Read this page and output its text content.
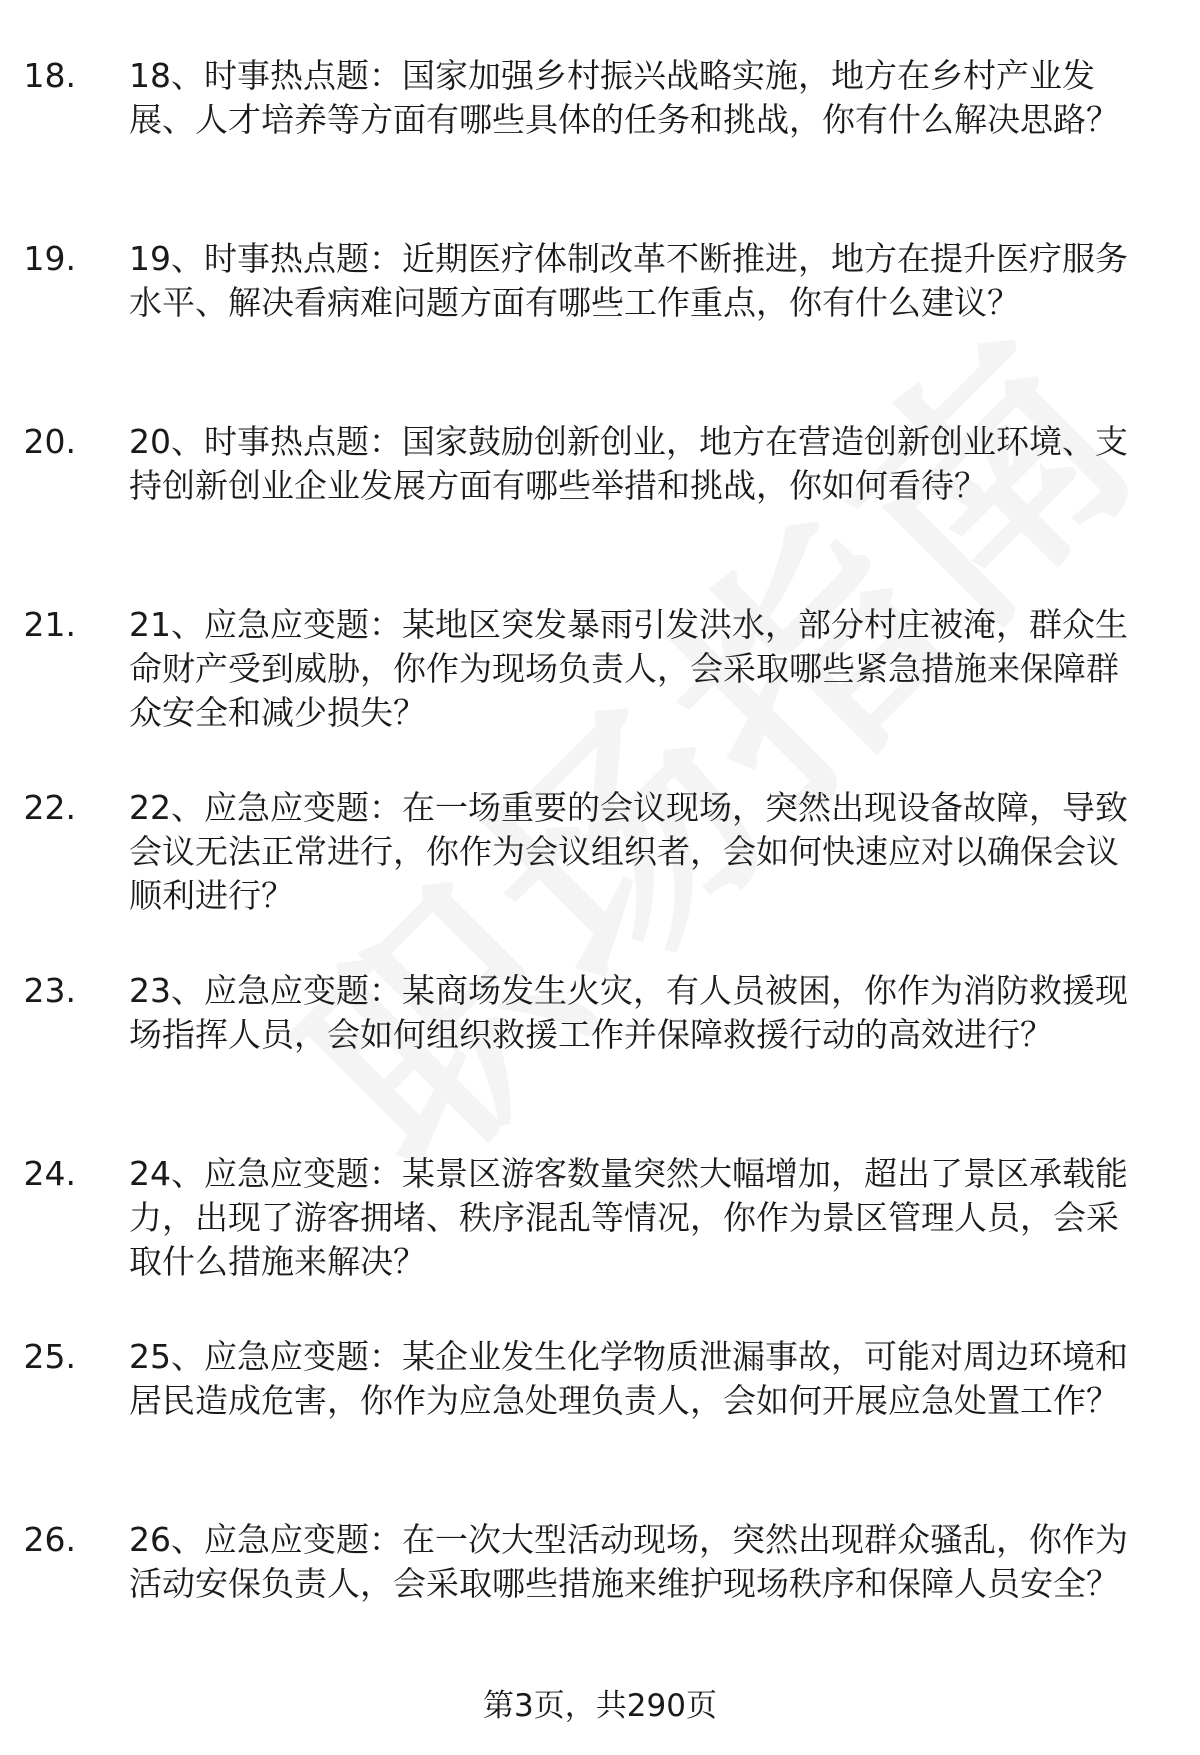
18. 18、时事热点题：国家加强乡村振兴战略实施，地方在乡村产业发展、人才培养等方面有哪些具体的任务和挑战，你有什么解决思路？
19. 19、时事热点题：近期医疗体制改革不断推进，地方在提升医疗服务水平、解决看病难问题方面有哪些工作重点，你有什么建议？
20. 20、时事热点题：国家鼓励创新创业，地方在营造创新创业环境、支持创新创业企业发展方面有哪些举措和挑战，你如何看待？
21. 21、应急应变题：某地区突发暴雨引发洪水，部分村庄被淹，群众生命财产受到威胁，你作为现场负责人，会采取哪些紧急措施来保障群众安全和减少损失？
22. 22、应急应变题：在一场重要的会议现场，突然出现设备故障，导致会议无法正常进行，你作为会议组织者，会如何快速应对以确保会议顺利进行？
23. 23、应急应变题：某商场发生火灾，有人员被困，你作为消防救援现场指挥人员，会如何组织救援工作并保障救援行动的高效进行？
24. 24、应急应变题：某景区游客数量突然大幅增加，超出了景区承载能力，出现了游客拥堵、秩序混乱等情况，你作为景区管理人员，会采取什么措施来解决？
25. 25、应急应变题：某企业发生化学物质泄漏事故，可能对周边环境和居民造成危害，你作为应急处理负责人，会如何开展应急处置工作？
26. 26、应急应变题：在一次大型活动现场，突然出现群众骚乱，你作为活动安保负责人，会采取哪些措施来维护现场秩序和保障人员安全？
第3页，共290页
